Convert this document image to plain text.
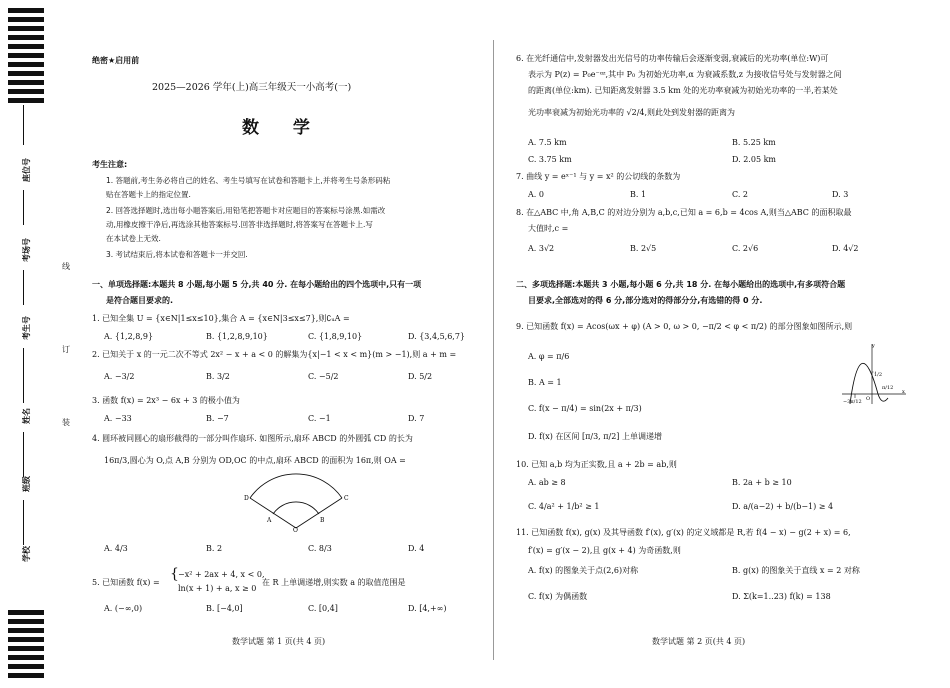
座位号
考场号
考生号
姓名
班级
学校
线
订
装
绝密★启用前
2025—2026 学年(上)高三年级天一小高考(一)
数 学
考生注意:
1. 答题前,考生务必将自己的姓名、考生号填写在试卷和答题卡上,并将考生号条形码粘
贴在答题卡上的指定位置.
2. 回答选择题时,选出每小题答案后,用铅笔把答题卡对应题目的答案标号涂黑.如需改
动,用橡皮擦干净后,再选涂其他答案标号.回答非选择题时,将答案写在答题卡上.写
在本试卷上无效.
3. 考试结束后,将本试卷和答题卡一并交回.
一、单项选择题:本题共 8 小题,每小题 5 分,共 40 分. 在每小题给出的四个选项中,只有一项
是符合题目要求的.
1. 已知全集 U = {x∈N|1≤x≤10},集合 A = {x∈N|3≤x≤7},则∁ᵤA =
A. {1,2,8,9}	B. {1,2,8,9,10}	C. {1,8,9,10}	D. {3,4,5,6,7}
2. 已知关于 x 的一元二次不等式 2x² − x + a < 0 的解集为{x|−1 < x < m}(m > −1),则 a + m =
A. −3/2	B. 3/2	C. −5/2	D. 5/2
3. 函数 f(x) = 2x³ − 6x + 3 的极小值为
A. −33	B. −7	C. −1	D. 7
4. 圆环被同圆心的扇形截得的一部分叫作扇环. 如图所示,扇环 ABCD 的外圆弧 CD 的长为
16π/3,圆心为 O,点 A,B 分别为 OD,OC 的中点,扇环 ABCD 的面积为 16π,则 OA =
D	C
A	B
O
A. 4/3	B. 2	C. 8/3	D. 4
5. 已知函数 f(x) =
{ −x² + 2ax + 4, x < 0,
ln(x + 1) + a, x ≥ 0
在 R 上单调递增,则实数 a 的取值范围是
A. (−∞,0)	B. [−4,0]	C. [0,4]	D. [4,+∞)
数学试题 第 1 页(共 4 页)
6. 在光纤通信中,发射器发出光信号的功率传输后会逐渐变弱,衰减后的光功率(单位:W)可
表示为 P(z) = P₀e⁻ᵅᶻ,其中 P₀ 为初始光功率,α 为衰减系数,z 为接收信号处与发射器之间
的距离(单位:km). 已知距离发射器 3.5 km 处的光功率衰减为初始光功率的一半,若某处
光功率衰减为初始光功率的 √2/4,则此处到发射器的距离为
A. 7.5 km	B. 5.25 km
C. 3.75 km	D. 2.05 km
7. 曲线 y = eˣ⁻¹ 与 y = x² 的公切线的条数为
A. 0	B. 1	C. 2	D. 3
8. 在△ABC 中,角 A,B,C 的对边分别为 a,b,c,已知 a = 6,b = 4cos A,则当△ABC 的面积取最
大值时,c =
A. 3√2	B. 2√5	C. 2√6	D. 4√2
二、多项选择题:本题共 3 小题,每小题 6 分,共 18 分. 在每小题给出的选项中,有多项符合题
目要求,全部选对的得 6 分,部分选对的得部分分,有选错的得 0 分.
9. 已知函数 f(x) = Acos(ωx + φ) (A > 0, ω > 0, −π/2 < φ < π/2) 的部分图象如图所示,则
A. φ = π/6
B. A = 1
C. f(x − π/4) = sin(2x + π/3)
D. f(x) 在区间 [π/3, π/2] 上单调递增
y
x
O
1/2
−3π/12
π/12
10. 已知 a,b 均为正实数,且 a + 2b = ab,则
A. ab ≥ 8	B. 2a + b ≥ 10
C. 4/a² + 1/b² ≥ 1	D. a/(a−2) + b/(b−1) ≥ 4
11. 已知函数 f(x), g(x) 及其导函数 f′(x), g′(x) 的定义域都是 R,若 f(4 − x) − g(2 + x) = 6,
f′(x) = g′(x − 2),且 g(x + 4) 为奇函数,则
A. f(x) 的图象关于点(2,6)对称	B. g(x) 的图象关于直线 x = 2 对称
C. f(x) 为偶函数	D. Σ(k=1..23) f(k) = 138
数学试题 第 2 页(共 4 页)
